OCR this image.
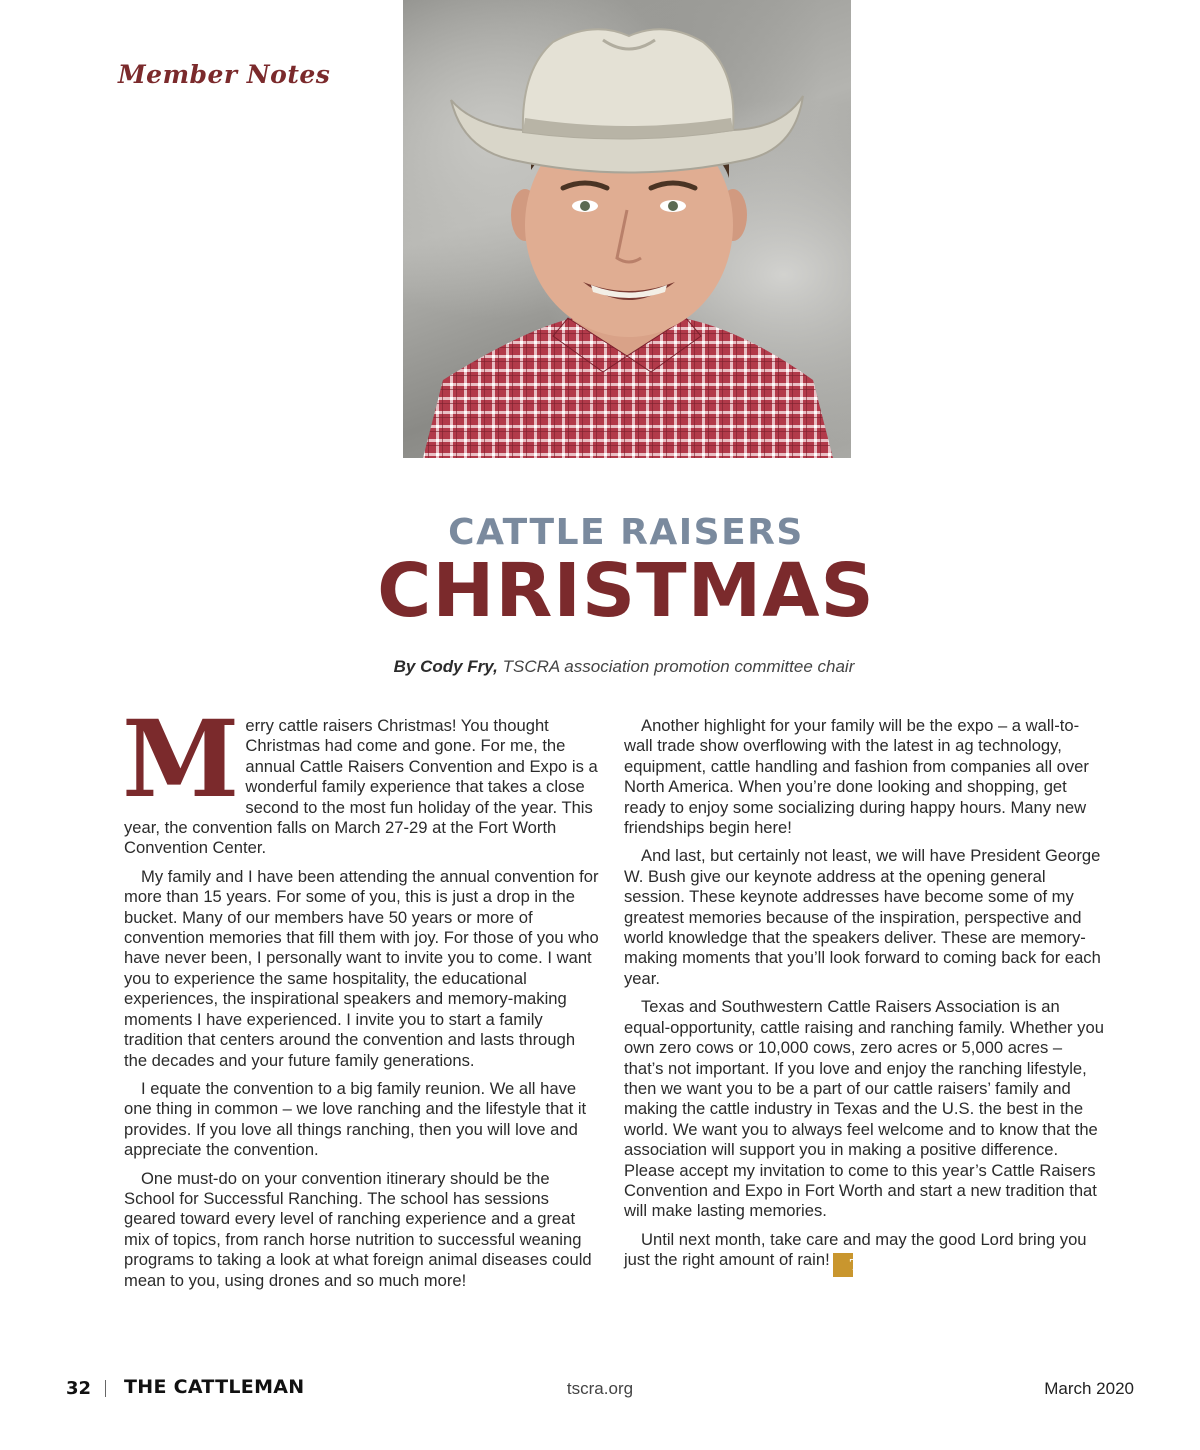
Member Notes
CATTLE RAISERS
CHRISTMAS
By Cody Fry, TSCRA association promotion committee chair

Merry cattle raisers Christmas! You thought Christmas had come and gone. For me, the annual Cattle Raisers Convention and Expo is a wonderful family experience that takes a close second to the most fun holiday of the year. This year, the convention falls on March 27-29 at the Fort Worth Convention Center.

My family and I have been attending the annual convention for more than 15 years. For some of you, this is just a drop in the bucket. Many of our members have 50 years or more of convention memories that fill them with joy. For those of you who have never been, I personally want to invite you to come. I want you to experience the same hospitality, the educational experiences, the inspirational speakers and memory-making moments I have experienced. I invite you to start a family tradition that centers around the convention and lasts through the decades and your future family generations.

I equate the convention to a big family reunion. We all have one thing in common – we love ranching and the lifestyle that it provides. If you love all things ranching, then you will love and appreciate the convention.

One must-do on your convention itinerary should be the School for Successful Ranching. The school has sessions geared toward every level of ranching experience and a great mix of topics, from ranch horse nutrition to successful weaning programs to taking a look at what foreign animal diseases could mean to you, using drones and so much more!

Another highlight for your family will be the expo – a wall-to-wall trade show overflowing with the latest in ag technology, equipment, cattle handling and fashion from companies all over North America. When you’re done looking and shopping, get ready to enjoy some socializing during happy hours. Many new friendships begin here!

And last, but certainly not least, we will have President George W. Bush give our keynote address at the opening general session. These keynote addresses have become some of my greatest memories because of the inspiration, perspective and world knowledge that the speakers deliver. These are memory-making moments that you’ll look forward to coming back for each year.

Texas and Southwestern Cattle Raisers Association is an equal-opportunity, cattle raising and ranching family. Whether you own zero cows or 10,000 cows, zero acres or 5,000 acres – that’s not important. If you love and enjoy the ranching lifestyle, then we want you to be a part of our cattle raisers’ family and making the cattle industry in Texas and the U.S. the best in the world. We want you to always feel welcome and to know that the association will support you in making a positive difference. Please accept my invitation to come to this year’s Cattle Raisers Convention and Expo in Fort Worth and start a new tradition that will make lasting memories.

Until next month, take care and may the good Lord bring you just the right amount of rain! TC

32 THE CATTLEMAN	tscra.org	March 2020
